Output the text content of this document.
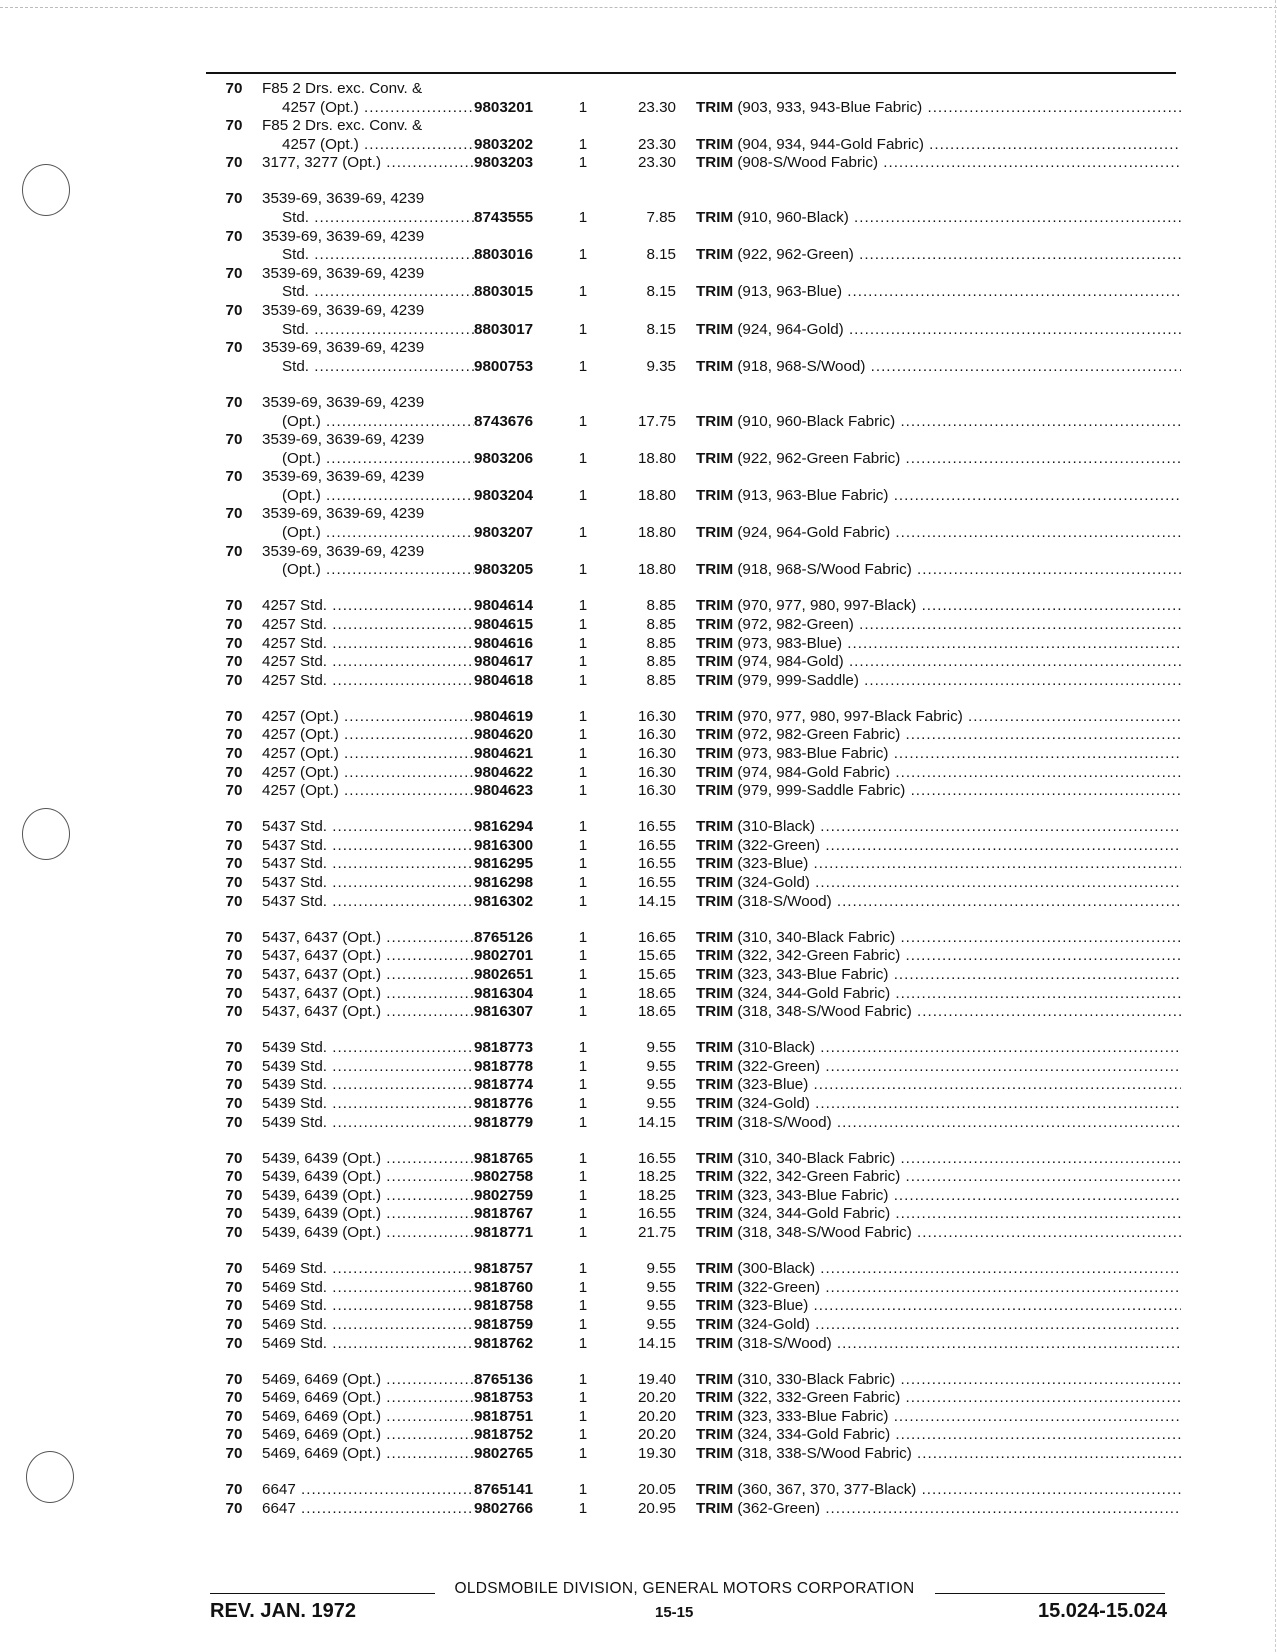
70	F85 2 Drs. exc. Conv. &
4257 (Opt.) .....	9803201	1	23.30	TRIM (903, 933, 943-Blue Fabric) .....
70	F85 2 Drs. exc. Conv. &
4257 (Opt.) .....	9803202	1	23.30	TRIM (904, 934, 944-Gold Fabric) .....
70	3177, 3277 (Opt.) .....	9803203	1	23.30	TRIM (908-S/Wood Fabric) .....
70	3539-69, 3639-69, 4239
Std. .....	8743555	1	7.85	TRIM (910, 960-Black) .....
70	3539-69, 3639-69, 4239
Std. .....	8803016	1	8.15	TRIM (922, 962-Green) .....
70	3539-69, 3639-69, 4239
Std. .....	8803015	1	8.15	TRIM (913, 963-Blue) .....
70	3539-69, 3639-69, 4239
Std. .....	8803017	1	8.15	TRIM (924, 964-Gold) .....
70	3539-69, 3639-69, 4239
Std. .....	9800753	1	9.35	TRIM (918, 968-S/Wood) .....
70	3539-69, 3639-69, 4239
(Opt.) .....	8743676	1	17.75	TRIM (910, 960-Black Fabric) .....
70	3539-69, 3639-69, 4239
(Opt.) .....	9803206	1	18.80	TRIM (922, 962-Green Fabric) .....
70	3539-69, 3639-69, 4239
(Opt.) .....	9803204	1	18.80	TRIM (913, 963-Blue Fabric) .....
70	3539-69, 3639-69, 4239
(Opt.) .....	9803207	1	18.80	TRIM (924, 964-Gold Fabric) .....
70	3539-69, 3639-69, 4239
(Opt.) .....	9803205	1	18.80	TRIM (918, 968-S/Wood Fabric) .....
70	4257 Std. .....	9804614	1	8.85	TRIM (970, 977, 980, 997-Black) .....
70	4257 Std. .....	9804615	1	8.85	TRIM (972, 982-Green) .....
70	4257 Std. .....	9804616	1	8.85	TRIM (973, 983-Blue) .....
70	4257 Std. .....	9804617	1	8.85	TRIM (974, 984-Gold) .....
70	4257 Std. .....	9804618	1	8.85	TRIM (979, 999-Saddle) .....
70	4257 (Opt.) .....	9804619	1	16.30	TRIM (970, 977, 980, 997-Black Fabric) .....
70	4257 (Opt.) .....	9804620	1	16.30	TRIM (972, 982-Green Fabric) .....
70	4257 (Opt.) .....	9804621	1	16.30	TRIM (973, 983-Blue Fabric) .....
70	4257 (Opt.) .....	9804622	1	16.30	TRIM (974, 984-Gold Fabric) .....
70	4257 (Opt.) .....	9804623	1	16.30	TRIM (979, 999-Saddle Fabric) .....
70	5437 Std. .....	9816294	1	16.55	TRIM (310-Black) .....
70	5437 Std. .....	9816300	1	16.55	TRIM (322-Green) .....
70	5437 Std. .....	9816295	1	16.55	TRIM (323-Blue) .....
70	5437 Std. .....	9816298	1	16.55	TRIM (324-Gold) .....
70	5437 Std. .....	9816302	1	14.15	TRIM (318-S/Wood) .....
70	5437, 6437 (Opt.) .....	8765126	1	16.65	TRIM (310, 340-Black Fabric) .....
70	5437, 6437 (Opt.) .....	9802701	1	15.65	TRIM (322, 342-Green Fabric) .....
70	5437, 6437 (Opt.) .....	9802651	1	15.65	TRIM (323, 343-Blue Fabric) .....
70	5437, 6437 (Opt.) .....	9816304	1	18.65	TRIM (324, 344-Gold Fabric) .....
70	5437, 6437 (Opt.) .....	9816307	1	18.65	TRIM (318, 348-S/Wood Fabric) .....
70	5439 Std. .....	9818773	1	9.55	TRIM (310-Black) .....
70	5439 Std. .....	9818778	1	9.55	TRIM (322-Green) .....
70	5439 Std. .....	9818774	1	9.55	TRIM (323-Blue) .....
70	5439 Std. .....	9818776	1	9.55	TRIM (324-Gold) .....
70	5439 Std. .....	9818779	1	14.15	TRIM (318-S/Wood) .....
70	5439, 6439 (Opt.) .....	9818765	1	16.55	TRIM (310, 340-Black Fabric) .....
70	5439, 6439 (Opt.) .....	9802758	1	18.25	TRIM (322, 342-Green Fabric) .....
70	5439, 6439 (Opt.) .....	9802759	1	18.25	TRIM (323, 343-Blue Fabric) .....
70	5439, 6439 (Opt.) .....	9818767	1	16.55	TRIM (324, 344-Gold Fabric) .....
70	5439, 6439 (Opt.) .....	9818771	1	21.75	TRIM (318, 348-S/Wood Fabric) .....
70	5469 Std. .....	9818757	1	9.55	TRIM (300-Black) .....
70	5469 Std. .....	9818760	1	9.55	TRIM (322-Green) .....
70	5469 Std. .....	9818758	1	9.55	TRIM (323-Blue) .....
70	5469 Std. .....	9818759	1	9.55	TRIM (324-Gold) .....
70	5469 Std. .....	9818762	1	14.15	TRIM (318-S/Wood) .....
70	5469, 6469 (Opt.) .....	8765136	1	19.40	TRIM (310, 330-Black Fabric) .....
70	5469, 6469 (Opt.) .....	9818753	1	20.20	TRIM (322, 332-Green Fabric) .....
70	5469, 6469 (Opt.) .....	9818751	1	20.20	TRIM (323, 333-Blue Fabric) .....
70	5469, 6469 (Opt.) .....	9818752	1	20.20	TRIM (324, 334-Gold Fabric) .....
70	5469, 6469 (Opt.) .....	9802765	1	19.30	TRIM (318, 338-S/Wood Fabric) .....
70	6647 .....	8765141	1	20.05	TRIM (360, 367, 370, 377-Black) .....
70	6647 .....	9802766	1	20.95	TRIM (362-Green) .....
OLDSMOBILE DIVISION, GENERAL MOTORS CORPORATION
REV. JAN. 1972	15-15	15.024-15.024
